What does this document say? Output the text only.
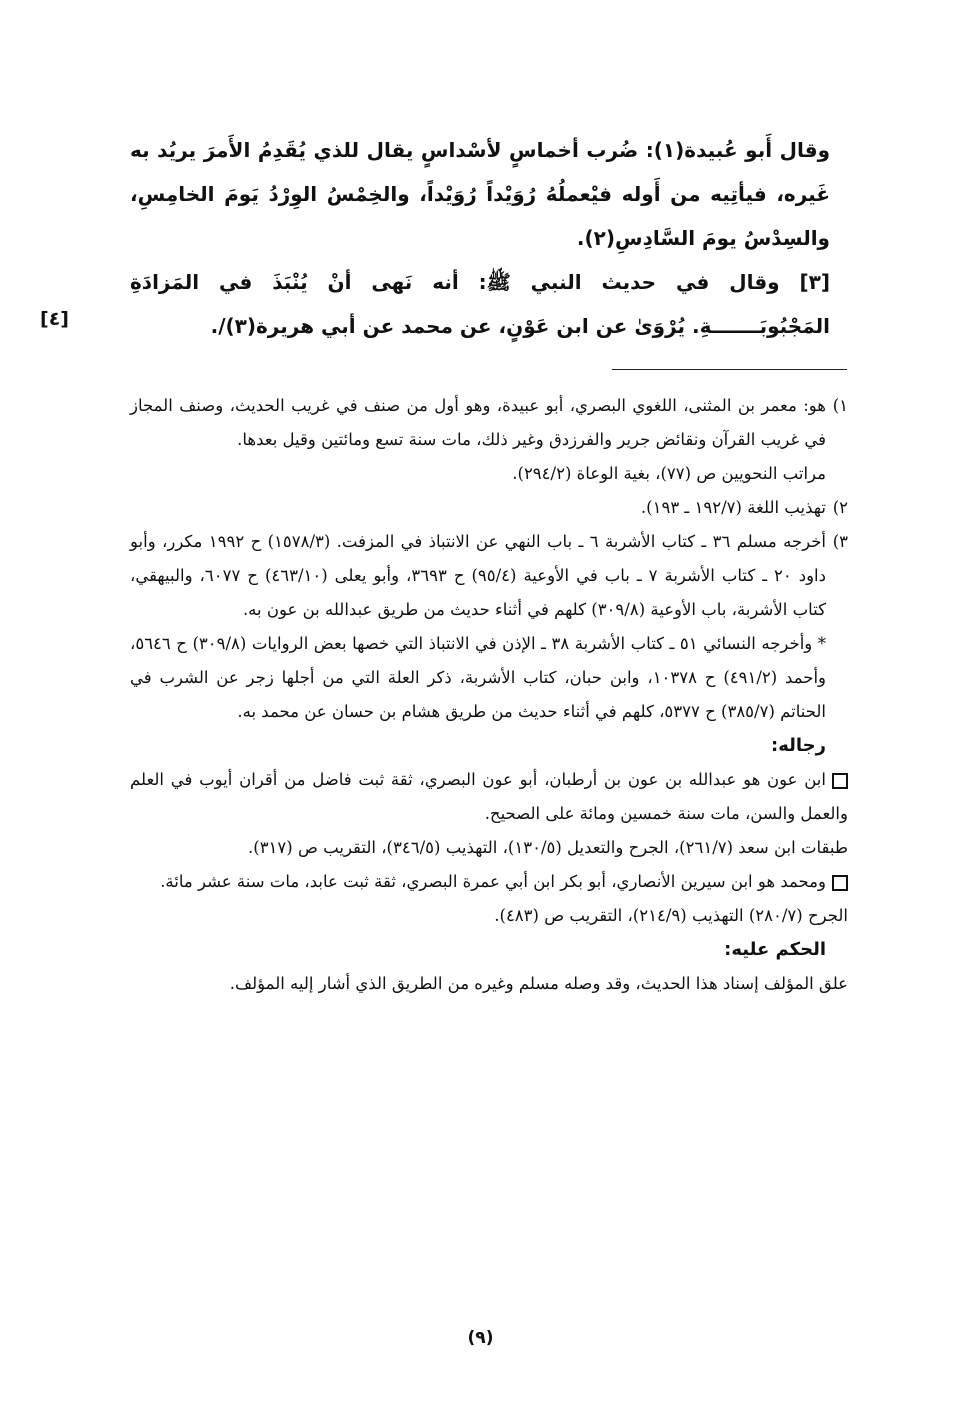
وقال أَبو عُبيدة(١): ضُرب أخماسٍ لأسْداسٍ يقال للذي يُقَدِمُ الأَمرَ يريُد به غَيره، فيأتِيه من أَوله فيْعملُهُ رُوَيْداً رُوَيْداً، والخِمْسُ الوِرْدُ يَومَ الخامِسِ، والسِدْسُ يومَ السَّادِسِ(٢).

[٣] وقال في حديث النبي ﷺ: أنه نَهى أنْ يُنْبَذَ في المَزادَةِ المَجْبُوبَـــــــةِ. يُرْوَىٰ عن ابن عَوْنٍ، عن محمد عن أبي هريرة(٣)/.

[٤]
١)

هو: معمر بن المثنى، اللغوي البصري، أبو عبيدة، وهو أول من صنف في غريب الحديث، وصنف المجاز في غريب القرآن ونقائض جرير والفرزدق وغير ذلك، مات سنة تسع ومائتين وقيل بعدها.

مراتب النحويين ص (٧٧)، بغية الوعاة (٢٩٤/٢).

٢)

تهذيب اللغة (١٩٢/٧ ـ ١٩٣).

٣)

أخرجه مسلم ٣٦ ـ كتاب الأشربة ٦ ـ باب النهي عن الانتباذ في المزفت. (١٥٧٨/٣) ح ١٩٩٢ مكرر، وأبو داود ٢٠ ـ كتاب الأشربة ٧ ـ باب في الأوعية (٩٥/٤) ح ٣٦٩٣، وأبو يعلى (٤٦٣/١٠) ح ٦٠٧٧، والبيهقي، كتاب الأشربة، باب الأوعية (٣٠٩/٨) كلهم في أثناء حديث من طريق عبدالله بن عون به.

* وأخرجه النسائي ٥١ ـ كتاب الأشربة ٣٨ ـ الإذن في الانتباذ التي خصها بعض الروايات (٣٠٩/٨) ح ٥٦٤٦، وأحمد (٤٩١/٢) ح ١٠٣٧٨، وابن حبان، كتاب الأشربة، ذكر العلة التي من أجلها زجر عن الشرب في الحناتم (٣٨٥/٧) ح ٥٣٧٧، كلهم في أثناء حديث من طريق هشام بن حسان عن محمد به.

رجاله:

ابن عون هو عبدالله بن عون بن أرطبان، أبو عون البصري، ثقة ثبت فاضل من أقران أيوب في العلم والعمل والسن، مات سنة خمسين ومائة على الصحيح.

طبقات ابن سعد (٢٦١/٧)، الجرح والتعديل (١٣٠/٥)، التهذيب (٣٤٦/٥)، التقريب ص (٣١٧).

ومحمد هو ابن سيرين الأنصاري، أبو بكر ابن أبي عمرة البصري، ثقة ثبت عابد، مات سنة عشر مائة.

الجرح (٢٨٠/٧) التهذيب (٢١٤/٩)، التقريب ص (٤٨٣).

الحكم عليه:

علق المؤلف إسناد هذا الحديث، وقد وصله مسلم وغيره من الطريق الذي أشار إليه المؤلف.

(٩)
